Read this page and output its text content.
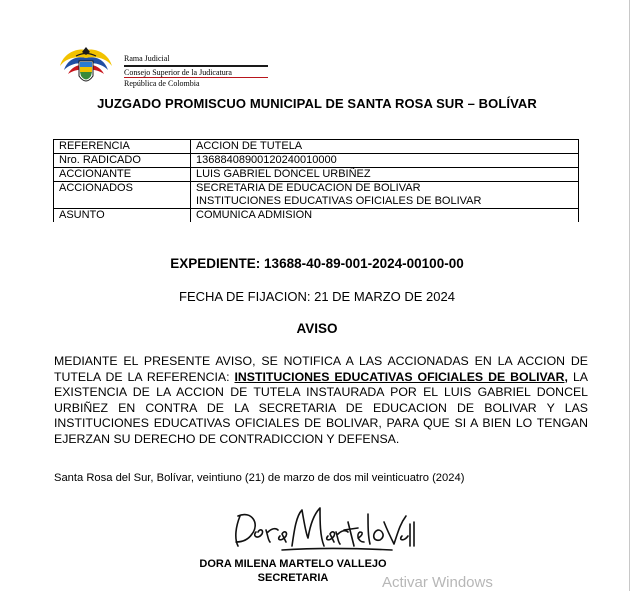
Rama Judicial
Consejo Superior de la Judicatura
República de Colombia
JUZGADO PROMISCUO MUNICIPAL DE SANTA ROSA SUR – BOLÍVAR
REFERENCIA	ACCION DE TUTELA
Nro. RADICADO	13688408900120240010000
ACCIONANTE	LUIS GABRIEL DONCEL URBIÑEZ
ACCIONADOS	SECRETARIA DE EDUCACION DE BOLIVAR
INSTITUCIONES EDUCATIVAS OFICIALES DE BOLIVAR

ASUNTO	COMUNICA ADMISION
EXPEDIENTE: 13688-40-89-001-2024-00100-00
FECHA DE FIJACION: 21 DE MARZO DE 2024
AVISO
MEDIANTE EL PRESENTE AVISO, SE NOTIFICA A LAS ACCIONADAS EN LA ACCION DE TUTELA DE LA REFERENCIA: INSTITUCIONES EDUCATIVAS OFICIALES DE BOLIVAR, LA EXISTENCIA DE LA ACCION DE TUTELA INSTAURADA POR EL LUIS GABRIEL DONCEL URBIÑEZ EN CONTRA DE LA SECRETARIA DE EDUCACION DE BOLIVAR Y LAS INSTITUCIONES EDUCATIVAS OFICIALES DE BOLIVAR, PARA QUE SI A BIEN LO TENGAN EJERZAN SU DERECHO DE CONTRADICCION Y DEFENSA.
Santa Rosa del Sur, Bolívar, veintiuno (21) de marzo de dos mil veinticuatro (2024)
DORA MILENA MARTELO VALLEJO
SECRETARIA	Activar Windows
